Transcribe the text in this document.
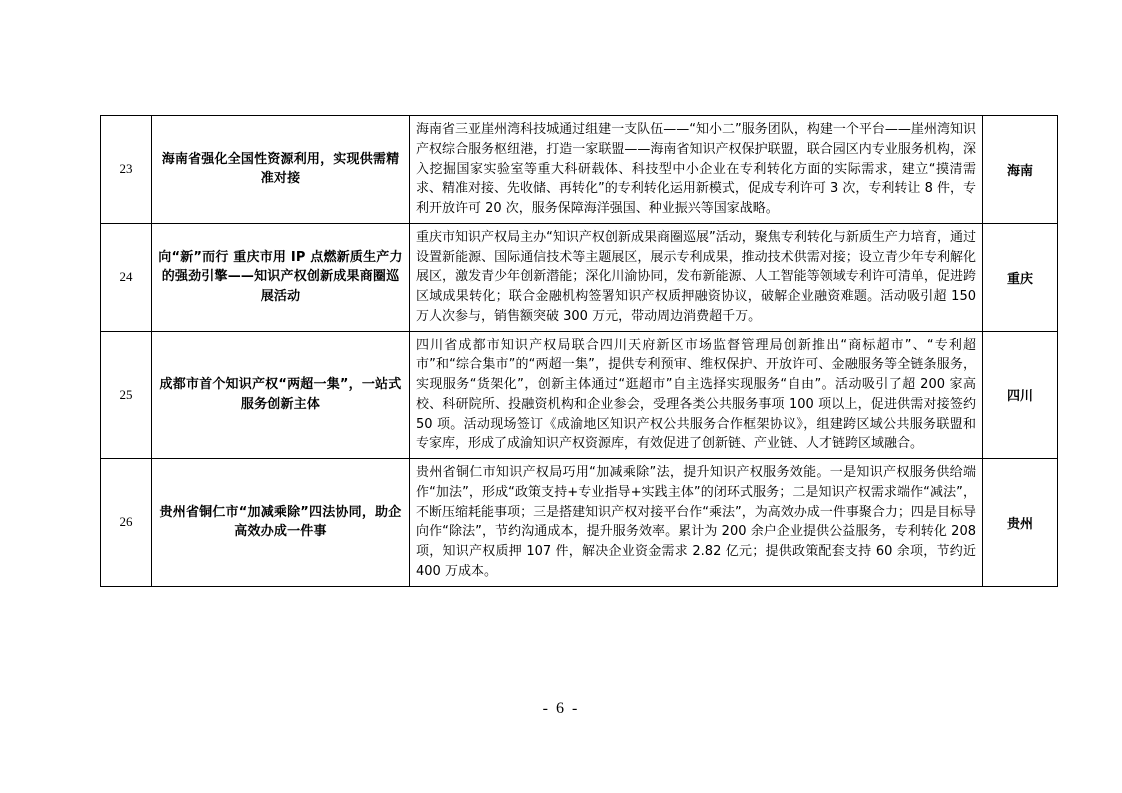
23	海南省强化全国性资源利用，实现供需精准对接	海南省三亚崖州湾科技城通过组建一支队伍——“知小二”服务团队，构建一个平台——崖州湾知识产权综合服务枢纽港，打造一家联盟——海南省知识产权保护联盟，联合园区内专业服务机构，深入挖掘国家实验室等重大科研载体、科技型中小企业在专利转化方面的实际需求，建立“摸清需求、精准对接、先收储、再转化”的专利转化运用新模式，促成专利许可 3 次，专利转让 8 件，专利开放许可 20 次，服务保障海洋强国、种业振兴等国家战略。	海南
24	向“新”而行 重庆市用 IP 点燃新质生产力的强劲引擎——知识产权创新成果商圈巡展活动	重庆市知识产权局主办“知识产权创新成果商圈巡展”活动，聚焦专利转化与新质生产力培育，通过设置新能源、国际通信技术等主题展区，展示专利成果，推动技术供需对接；设立青少年专利解化展区，激发青少年创新潜能；深化川渝协同，发布新能源、人工智能等领域专利许可清单，促进跨区域成果转化；联合金融机构签署知识产权质押融资协议，破解企业融资难题。活动吸引超 150 万人次参与，销售额突破 300 万元，带动周边消费超千万。	重庆
25	成都市首个知识产权“两超一集”，一站式服务创新主体	四川省成都市知识产权局联合四川天府新区市场监督管理局创新推出“商标超市”、“专利超市”和“综合集市”的“两超一集”，提供专利预审、维权保护、开放许可、金融服务等全链条服务，实现服务“货架化”，创新主体通过“逛超市”自主选择实现服务“自由”。活动吸引了超 200 家高校、科研院所、投融资机构和企业参会，受理各类公共服务事项 100 项以上，促进供需对接签约 50 项。活动现场签订《成渝地区知识产权公共服务合作框架协议》，组建跨区域公共服务联盟和专家库，形成了成渝知识产权资源库，有效促进了创新链、产业链、人才链跨区域融合。	四川
26	贵州省铜仁市“加减乘除”四法协同，助企高效办成一件事	贵州省铜仁市知识产权局巧用“加减乘除”法，提升知识产权服务效能。一是知识产权服务供给端作“加法”，形成“政策支持+专业指导+实践主体”的闭环式服务；二是知识产权需求端作“减法”，不断压缩耗能事项；三是搭建知识产权对接平台作“乘法”，为高效办成一件事聚合力；四是目标导向作“除法”，节约沟通成本，提升服务效率。累计为 200 余户企业提供公益服务，专利转化 208 项，知识产权质押 107 件，解决企业资金需求 2.82 亿元；提供政策配套支持 60 余项，节约近 400 万成本。	贵州
- 6 -
